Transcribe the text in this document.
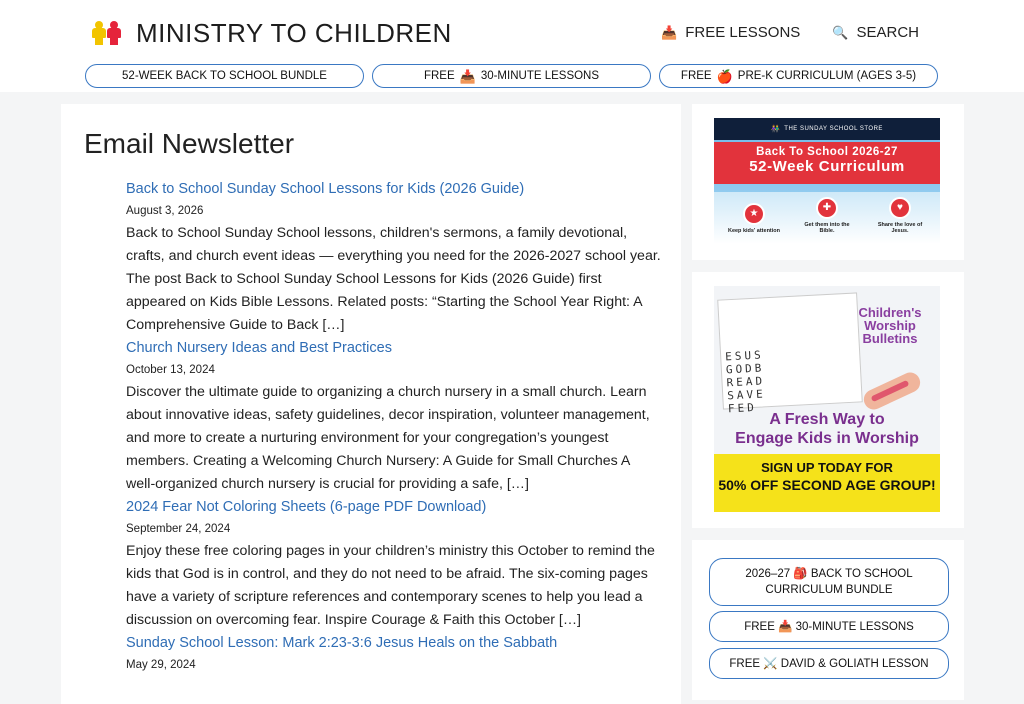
MINISTRY TO CHILDREN	📥 FREE LESSONS 🔍 SEARCH
52-WEEK BACK TO SCHOOL BUNDLE	FREE 📥 30-MINUTE LESSONS	FREE 🍎 PRE-K CURRICULUM (AGES 3-5)
Email Newsletter
Back to School Sunday School Lessons for Kids (2026 Guide)
August 3, 2026
Back to School Sunday School lessons, children's sermons, a family devotional, crafts, and church event ideas — everything you need for the 2026-2027 school year. The post Back to School Sunday School Lessons for Kids (2026 Guide) first appeared on Kids Bible Lessons. Related posts: “Starting the School Year Right: A Comprehensive Guide to Back […]
Church Nursery Ideas and Best Practices
October 13, 2024
Discover the ultimate guide to organizing a church nursery in a small church. Learn about innovative ideas, safety guidelines, decor inspiration, volunteer management, and more to create a nurturing environment for your congregation’s youngest members. Creating a Welcoming Church Nursery: A Guide for Small Churches A well-organized church nursery is crucial for providing a safe, […]
2024 Fear Not Coloring Sheets (6-page PDF Download)
September 24, 2024
Enjoy these free coloring pages in your children’s ministry this October to remind the kids that God is in control, and they do not need to be afraid. The six-coming pages have a variety of scripture references and contemporary scenes to help you lead a discussion on overcoming fear. Inspire Courage & Faith this October […]
Sunday School Lesson: Mark 2:23-3:6 Jesus Heals on the Sabbath
May 29, 2024
👫 THE SUNDAY SCHOOL STORE
Back To School 2026-27
52-Week Curriculum
★
Keep kids' attention
✚
Get them into the Bible.
♥
Share the love of Jesus.
ESUS
GODB
READ
SAVE
FED
Children's Worship Bulletins
A Fresh Way to
Engage Kids in Worship
SIGN UP TODAY FOR
50% OFF SECOND AGE GROUP!
2026–27 🎒 BACK TO SCHOOL CURRICULUM BUNDLE
FREE 📥 30-MINUTE LESSONS
FREE ⚔️ DAVID & GOLIATH LESSON
